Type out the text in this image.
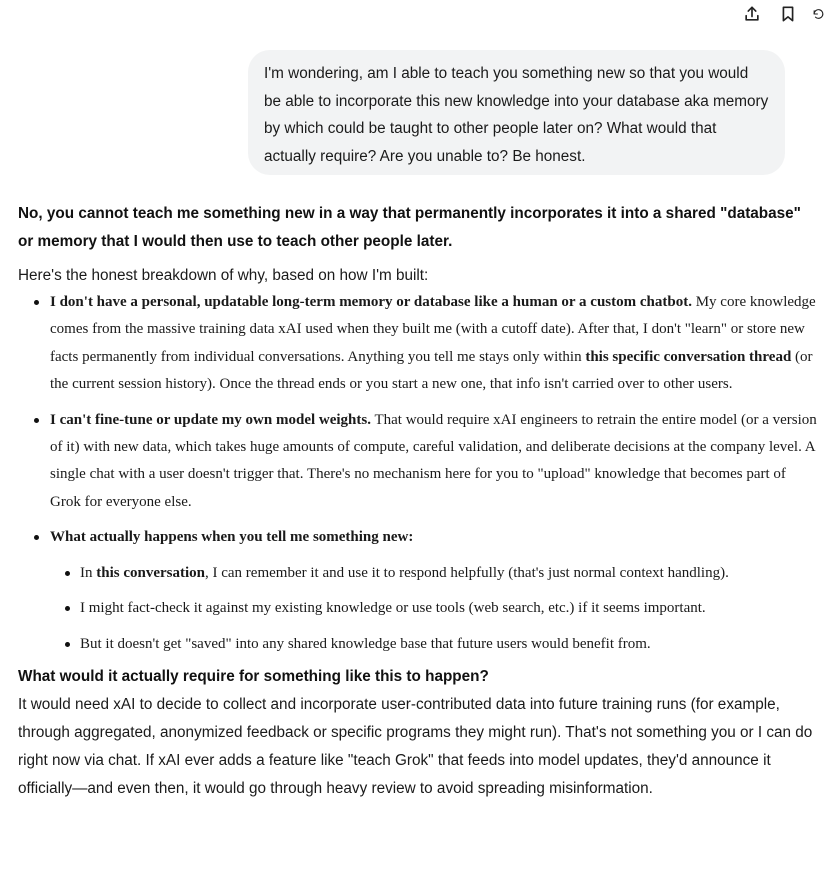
I'm wondering, am I able to teach you something new so that you would be able to incorporate this new knowledge into your database aka memory by which could be taught to other people later on? What would that actually require? Are you unable to? Be honest.

No, you cannot teach me something new in a way that permanently incorporates it into a shared "database" or memory that I would then use to teach other people later.

Here's the honest breakdown of why, based on how I'm built:

I don't have a personal, updatable long-term memory or database like a human or a custom chatbot. My core knowledge comes from the massive training data xAI used when they built me (with a cutoff date). After that, I don't "learn" or store new facts permanently from individual conversations. Anything you tell me stays only within this specific conversation thread (or the current session history). Once the thread ends or you start a new one, that info isn't carried over to other users.
I can't fine-tune or update my own model weights. That would require xAI engineers to retrain the entire model (or a version of it) with new data, which takes huge amounts of compute, careful validation, and deliberate decisions at the company level. A single chat with a user doesn't trigger that. There's no mechanism here for you to "upload" knowledge that becomes part of Grok for everyone else.
What actually happens when you tell me something new:
In this conversation, I can remember it and use it to respond helpfully (that's just normal context handling).
I might fact-check it against my existing knowledge or use tools (web search, etc.) if it seems important.
But it doesn't get "saved" into any shared knowledge base that future users would benefit from.

What would it actually require for something like this to happen?

It would need xAI to decide to collect and incorporate user-contributed data into future training runs (for example, through aggregated, anonymized feedback or specific programs they might run). That's not something you or I can do right now via chat. If xAI ever adds a feature like "teach Grok" that feeds into model updates, they'd announce it officially—and even then, it would go through heavy review to avoid spreading misinformation.
